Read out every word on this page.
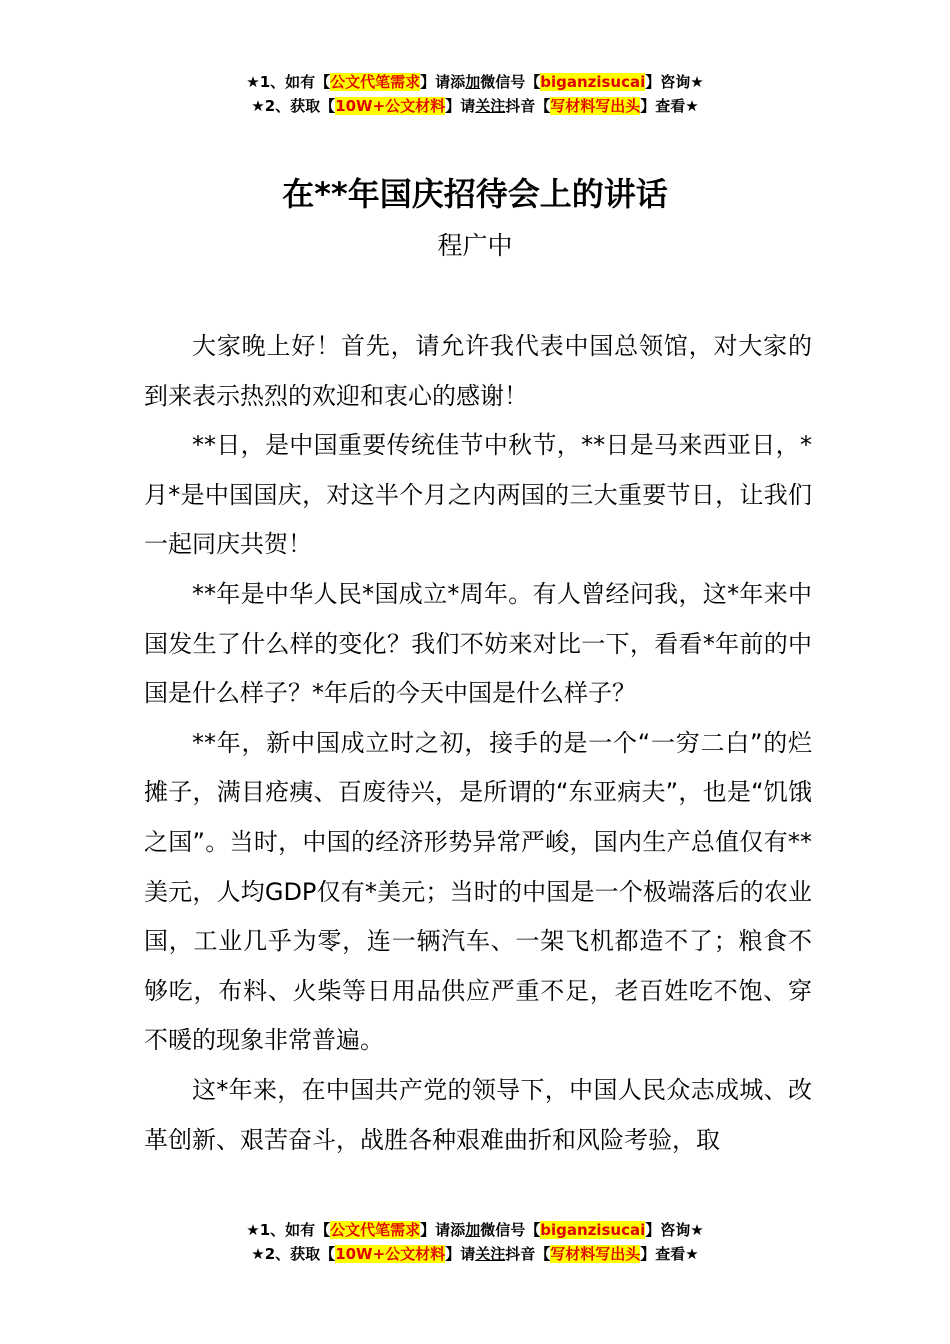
★1、如有【公文代笔需求】请添加微信号【biganzisucai】咨询★
★2、获取【10W+公文材料】请关注抖音【写材料写出头】查看★
在**年国庆招待会上的讲话
程广中

大家晚上好！首先，请允许我代表中国总领馆，对大家的到来表示热烈的欢迎和衷心的感谢！

**日，是中国重要传统佳节中秋节，**日是马来西亚日，*月*是中国国庆，对这半个月之内两国的三大重要节日，让我们一起同庆共贺！

**年是中华人民*国成立*周年。有人曾经问我，这*年来中国发生了什么样的变化？我们不妨来对比一下，看看*年前的中国是什么样子？*年后的今天中国是什么样子？

**年，新中国成立时之初，接手的是一个“一穷二白”的烂摊子，满目疮痍、百废待兴，是所谓的“东亚病夫”，也是“饥饿之国”。当时，中国的经济形势异常严峻，国内生产总值仅有**美元，人均GDP仅有*美元；当时的中国是一个极端落后的农业国，工业几乎为零，连一辆汽车、一架飞机都造不了；粮食不够吃，布料、火柴等日用品供应严重不足，老百姓吃不饱、穿不暖的现象非常普遍。

这*年来，在中国共产党的领导下，中国人民众志成城、改革创新、艰苦奋斗，战胜各种艰难曲折和风险考验，取

★1、如有【公文代笔需求】请添加微信号【biganzisucai】咨询★
★2、获取【10W+公文材料】请关注抖音【写材料写出头】查看★
